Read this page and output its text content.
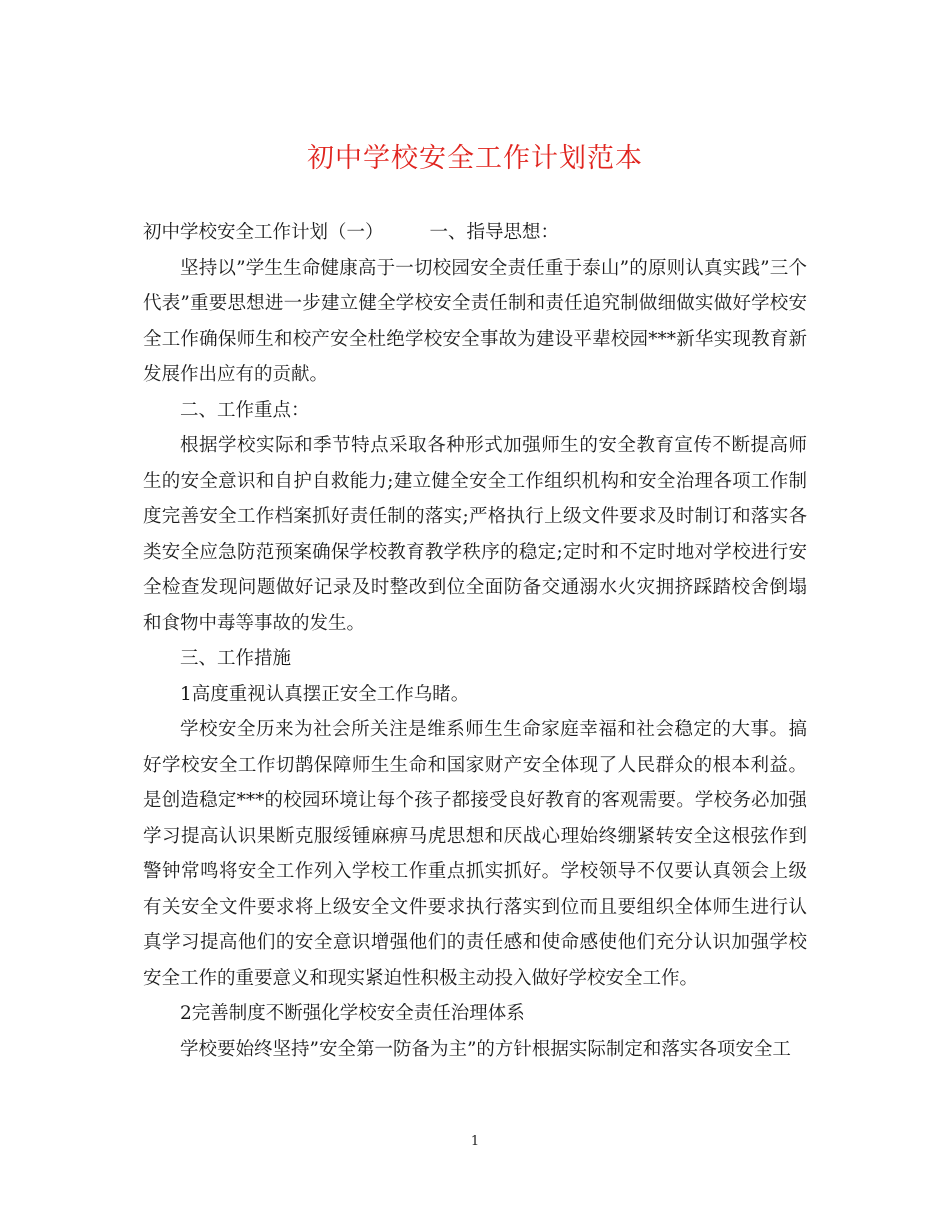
初中学校安全工作计划范本

初中学校安全工作计划（一） 一、指导思想：

坚持以”学生生命健康高于一切校园安全责任重于泰山”的原则认真实践”三个代表”重要思想进一步建立健全学校安全责任制和责任追究制做细做实做好学校安全工作确保师生和校产安全杜绝学校安全事故为建设平辈校园***新华实现教育新发展作出应有的贡献。

二、工作重点：

根据学校实际和季节特点采取各种形式加强师生的安全教育宣传不断提高师生的安全意识和自护自救能力;建立健全安全工作组织机构和安全治理各项工作制度完善安全工作档案抓好责任制的落实;严格执行上级文件要求及时制订和落实各类安全应急防范预案确保学校教育教学秩序的稳定;定时和不定时地对学校进行安全检查发现问题做好记录及时整改到位全面防备交通溺水火灾拥挤踩踏校舍倒塌和食物中毒等事故的发生。

三、工作措施

1高度重视认真摆正安全工作乌睹。

学校安全历来为社会所关注是维系师生生命家庭幸福和社会稳定的大事。搞好学校安全工作切鹊保障师生生命和国家财产安全体现了人民群众的根本利益。是创造稳定***的校园环境让每个孩子都接受良好教育的客观需要。学校务必加强学习提高认识果断克服绥锺麻痹马虎思想和厌战心理始终绷紧转安全这根弦作到警钟常鸣将安全工作列入学校工作重点抓实抓好。学校领导不仅要认真领会上级有关安全文件要求将上级安全文件要求执行落实到位而且要组织全体师生进行认真学习提高他们的安全意识增强他们的责任感和使命感使他们充分认识加强学校安全工作的重要意义和现实紧迫性积极主动投入做好学校安全工作。

2完善制度不断强化学校安全责任治理体系

学校要始终坚持”安全第一防备为主”的方针根据实际制定和落实各项安全工

1
